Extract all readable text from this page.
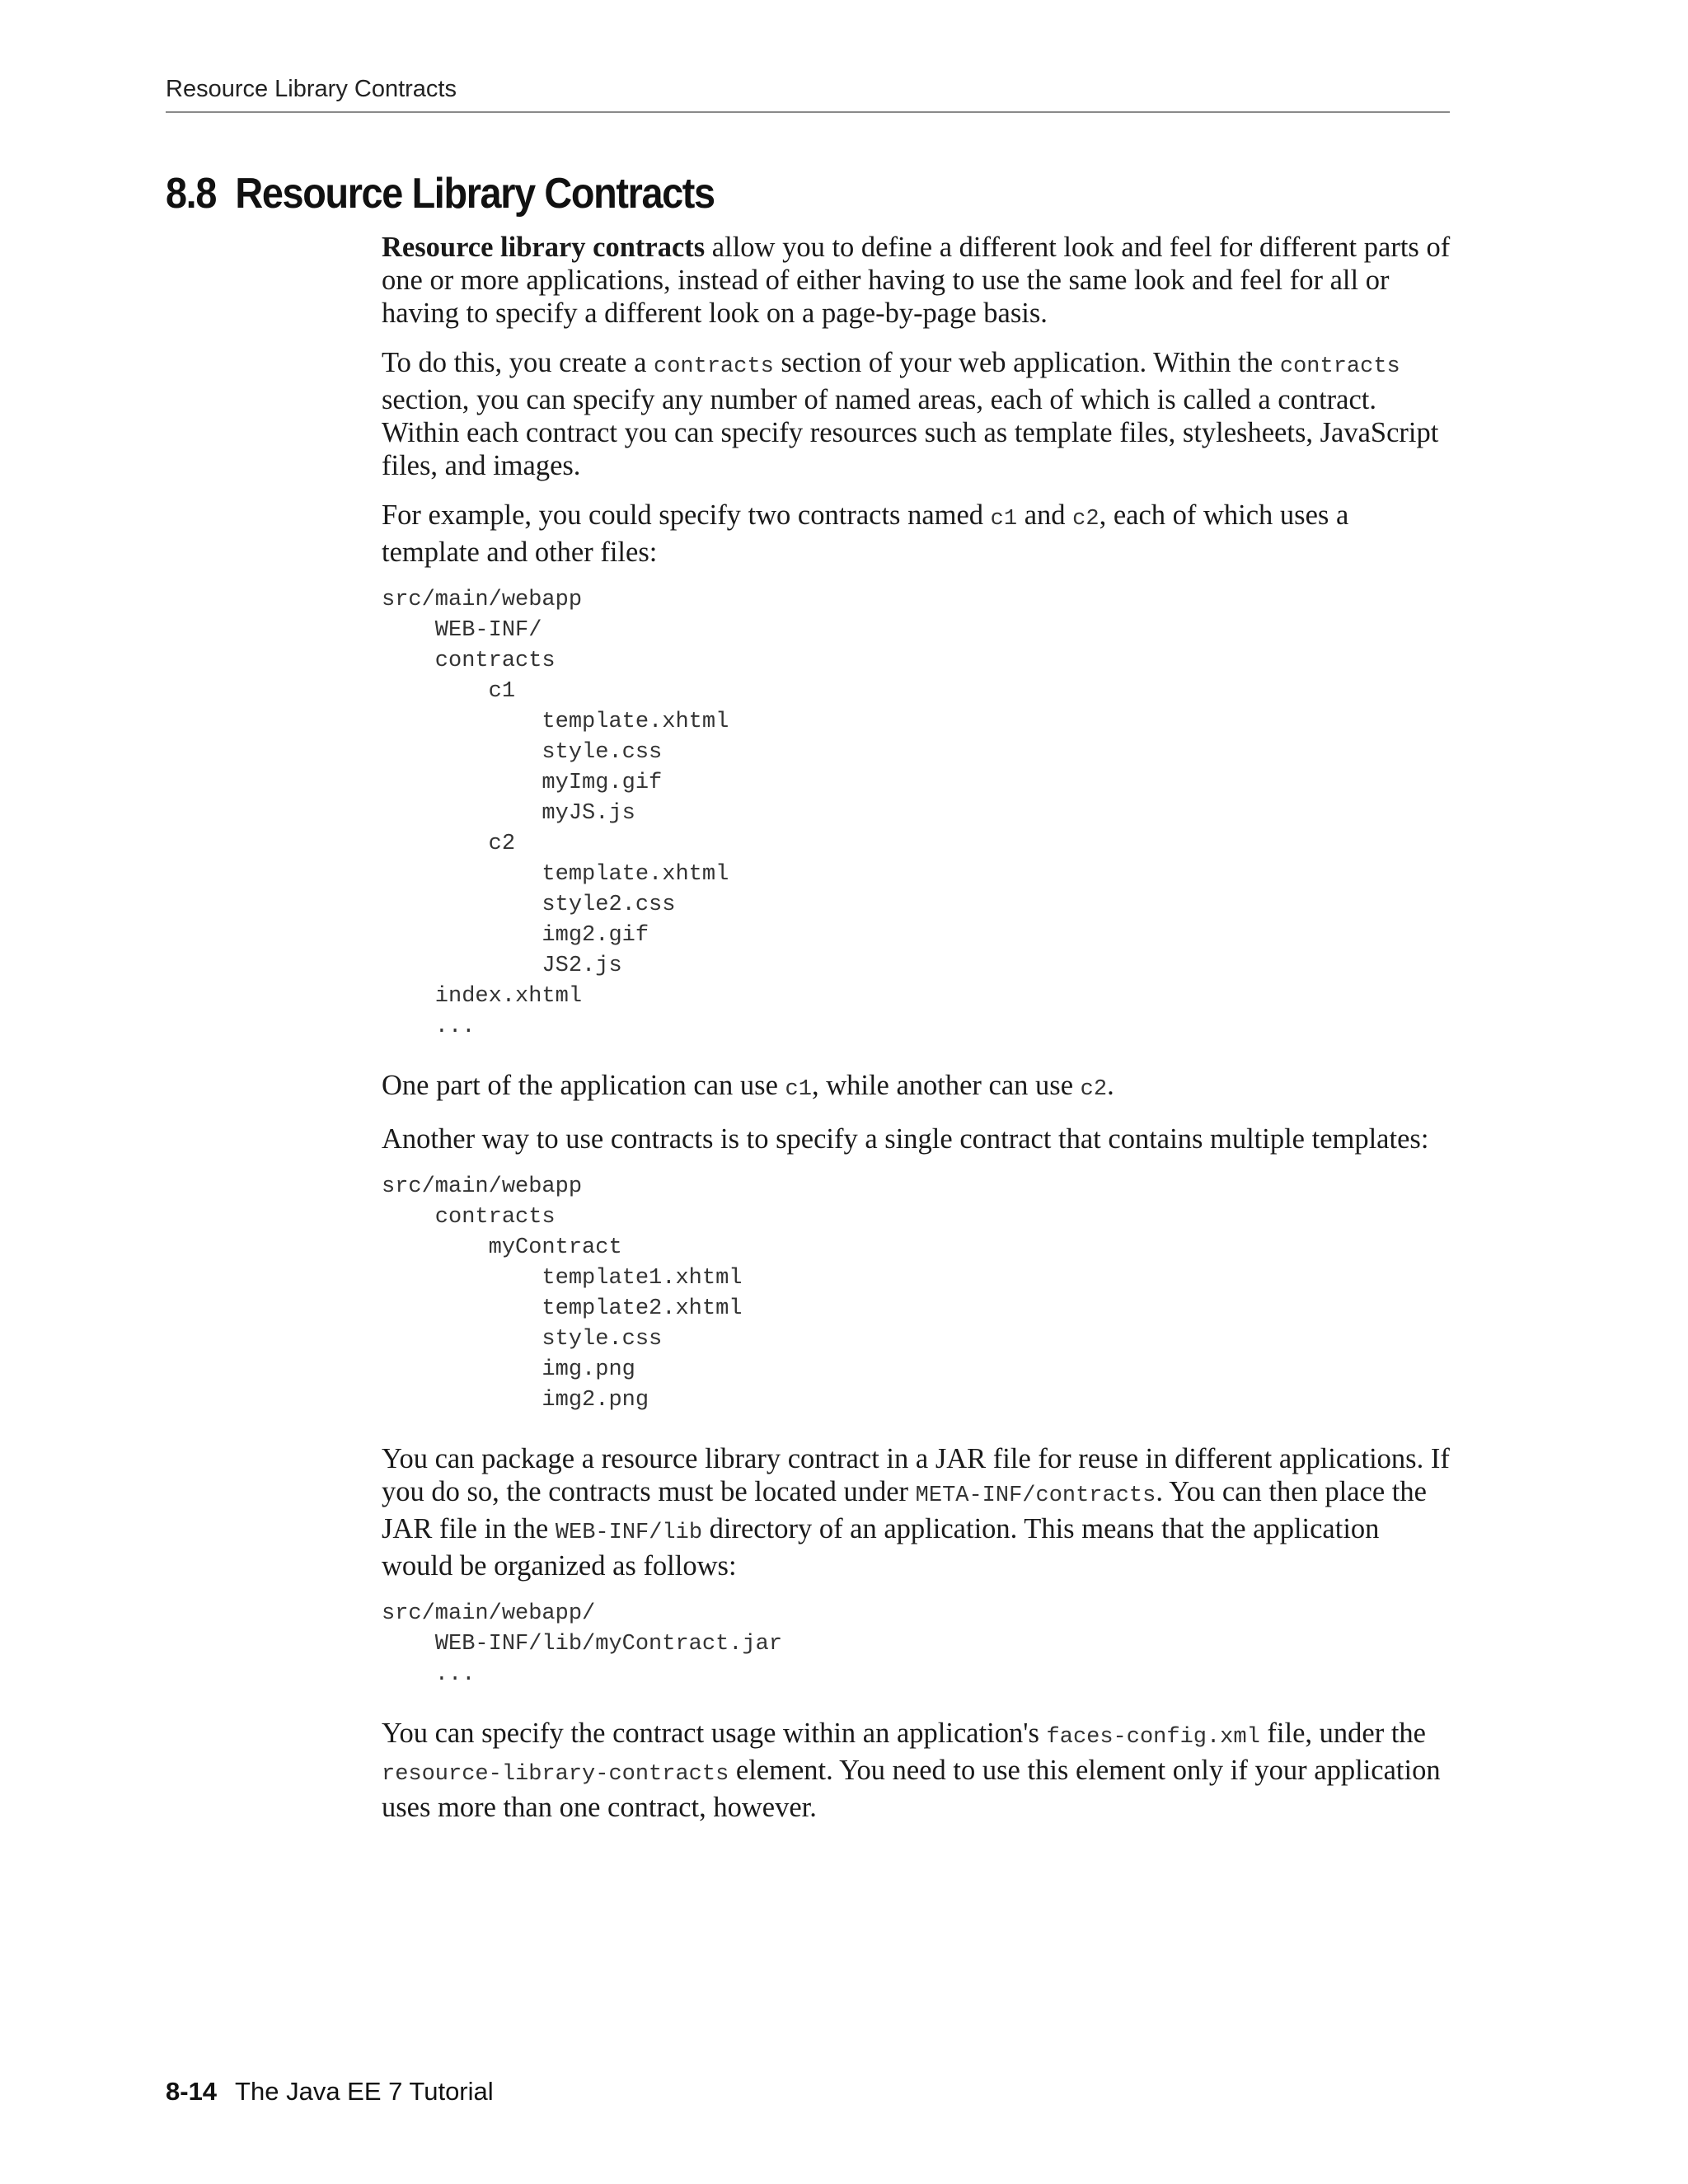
Resource Library Contracts
8.8 Resource Library Contracts

Resource library contracts allow you to define a different look and feel for different parts of one or more applications, instead of either having to use the same look and feel for all or having to specify a different look on a page-by-page basis.

To do this, you create a contracts section of your web application. Within the contracts section, you can specify any number of named areas, each of which is called a contract. Within each contract you can specify resources such as template files, stylesheets, JavaScript files, and images.

For example, you could specify two contracts named c1 and c2, each of which uses a template and other files:

src/main/webapp
WEB-INF/
contracts
c1
template.xhtml
style.css
myImg.gif
myJS.js
c2
template.xhtml
style2.css
img2.gif
JS2.js
index.xhtml
...

One part of the application can use c1, while another can use c2.

Another way to use contracts is to specify a single contract that contains multiple templates:

src/main/webapp
contracts
myContract
template1.xhtml
template2.xhtml
style.css
img.png
img2.png

You can package a resource library contract in a JAR file for reuse in different applications. If you do so, the contracts must be located under META-INF/contracts. You can then place the JAR file in the WEB-INF/lib directory of an application. This means that the application would be organized as follows:

src/main/webapp/
WEB-INF/lib/myContract.jar
...

You can specify the contract usage within an application's faces-config.xml file, under the resource-library-contracts element. You need to use this element only if your application uses more than one contract, however.

8-14 The Java EE 7 Tutorial
